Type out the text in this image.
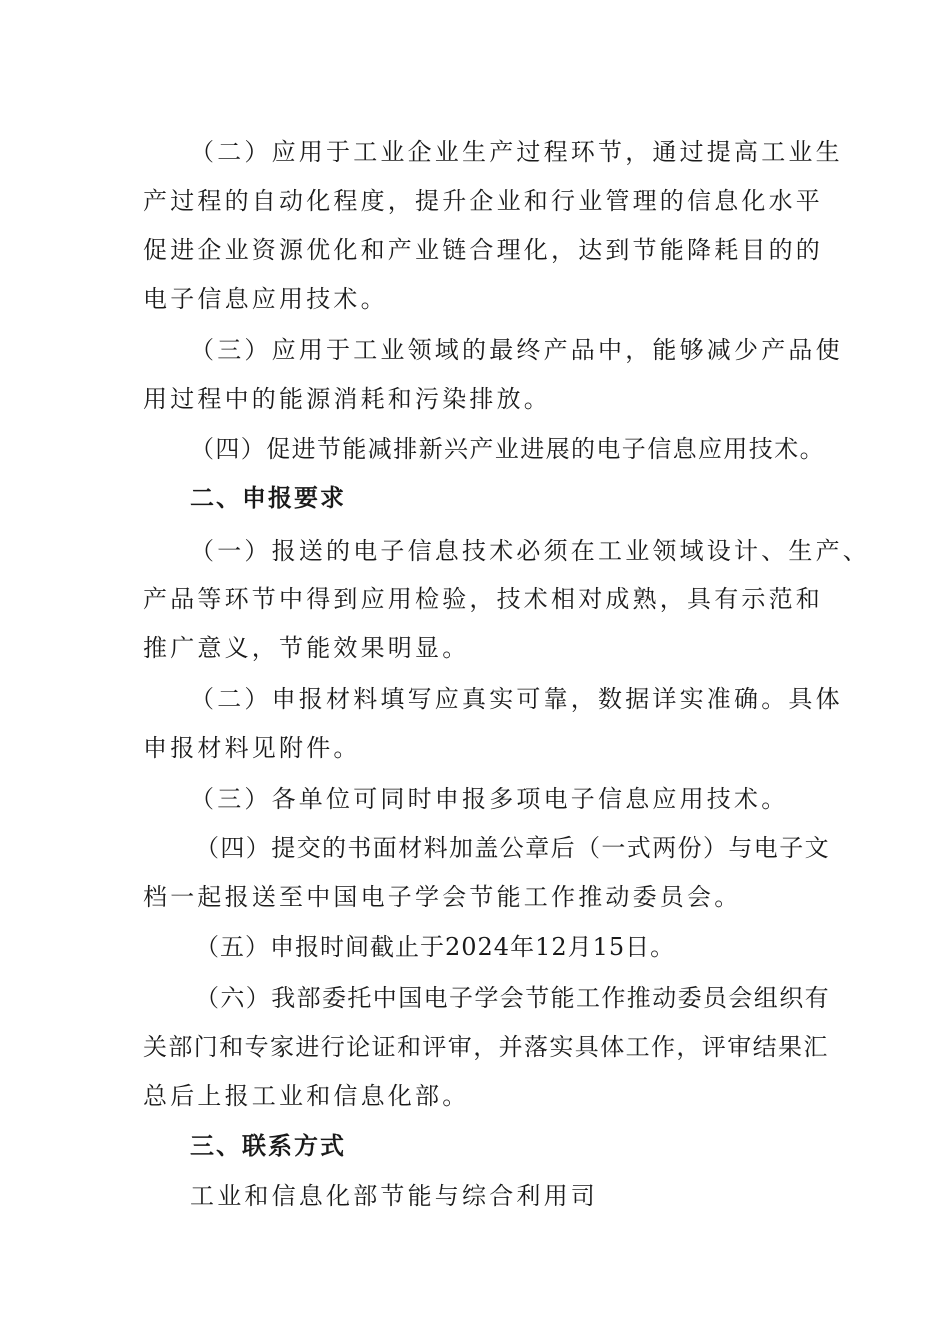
（二）应用于工业企业生产过程环节，通过提高工业生
产过程的自动化程度，提升企业和行业管理的信息化水平
促进企业资源优化和产业链合理化，达到节能降耗目的的
电子信息应用技术。
（三）应用于工业领域的最终产品中，能够减少产品使
用过程中的能源消耗和污染排放。
（四）促进节能减排新兴产业进展的电子信息应用技术。
二、申报要求
（一）报送的电子信息技术必须在工业领域设计、生产、
产品等环节中得到应用检验，技术相对成熟，具有示范和
推广意义，节能效果明显。
（二）申报材料填写应真实可靠，数据详实准确。具体
申报材料见附件。
（三）各单位可同时申报多项电子信息应用技术。
（四）提交的书面材料加盖公章后（一式两份）与电子文
档一起报送至中国电子学会节能工作推动委员会。
（五）申报时间截止于2024年12月15日。
（六）我部委托中国电子学会节能工作推动委员会组织有
关部门和专家进行论证和评审，并落实具体工作，评审结果汇
总后上报工业和信息化部。
三、联系方式
工业和信息化部节能与综合利用司
